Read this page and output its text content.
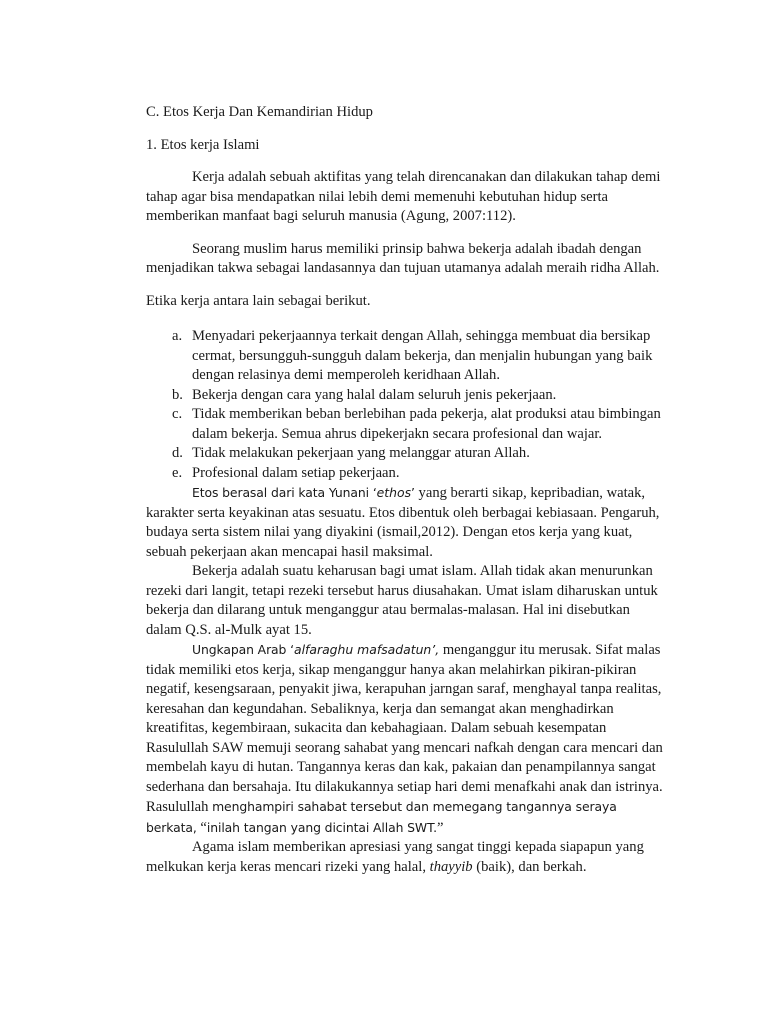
C. Etos Kerja Dan Kemandirian Hidup

1. Etos kerja Islami

Kerja adalah sebuah aktifitas yang telah direncanakan dan dilakukan tahap demi tahap agar bisa mendapatkan nilai lebih demi memenuhi kebutuhan hidup serta memberikan manfaat bagi seluruh manusia (Agung, 2007:112).

Seorang muslim harus memiliki prinsip bahwa bekerja adalah ibadah dengan menjadikan takwa sebagai landasannya dan tujuan utamanya adalah meraih ridha Allah.

Etika kerja antara lain sebagai berikut.

a. Menyadari pekerjaannya terkait dengan Allah, sehingga membuat dia bersikap cermat, bersungguh-sungguh dalam bekerja, dan menjalin hubungan yang baik dengan relasinya demi memperoleh keridhaan Allah.
b. Bekerja dengan cara yang halal dalam seluruh jenis pekerjaan.
c. Tidak memberikan beban berlebihan pada pekerja, alat produksi atau bimbingan dalam bekerja. Semua ahrus dipekerjakn secara profesional dan wajar.
d. Tidak melakukan pekerjaan yang melanggar aturan Allah.
e. Profesional dalam setiap pekerjaan.
Etos berasal dari kata Yunani ‘ethos’ yang berarti sikap, kepribadian, watak, karakter serta keyakinan atas sesuatu. Etos dibentuk oleh berbagai kebiasaan. Pengaruh, budaya serta sistem nilai yang diyakini (ismail,2012). Dengan etos kerja yang kuat, sebuah pekerjaan akan mencapai hasil maksimal.
Bekerja adalah suatu keharusan bagi umat islam. Allah tidak akan menurunkan rezeki dari langit, tetapi rezeki tersebut harus diusahakan. Umat islam diharuskan untuk bekerja dan dilarang untuk menganggur atau bermalas-malasan. Hal ini disebutkan dalam Q.S. al-Mulk ayat 15.
Ungkapan Arab ‘alfaraghu mafsadatun’, menganggur itu merusak. Sifat malas tidak memiliki etos kerja, sikap menganggur hanya akan melahirkan pikiran-pikiran negatif, kesengsaraan, penyakit jiwa, kerapuhan jarngan saraf, menghayal tanpa realitas, keresahan dan kegundahan. Sebaliknya, kerja dan semangat akan menghadirkan kreatifitas, kegembiraan, sukacita dan kebahagiaan. Dalam sebuah kesempatan Rasulullah SAW memuji seorang sahabat yang mencari nafkah dengan cara mencari dan membelah kayu di hutan. Tangannya keras dan kak, pakaian dan penampilannya sangat sederhana dan bersahaja. Itu dilakukannya setiap hari demi menafkahi anak dan istrinya. Rasulullah menghampiri sahabat tersebut dan memegang tangannya seraya berkata, “inilah tangan yang dicintai Allah SWT.”
Agama islam memberikan apresiasi yang sangat tinggi kepada siapapun yang melkukan kerja keras mencari rizeki yang halal, thayyib (baik), dan berkah.
